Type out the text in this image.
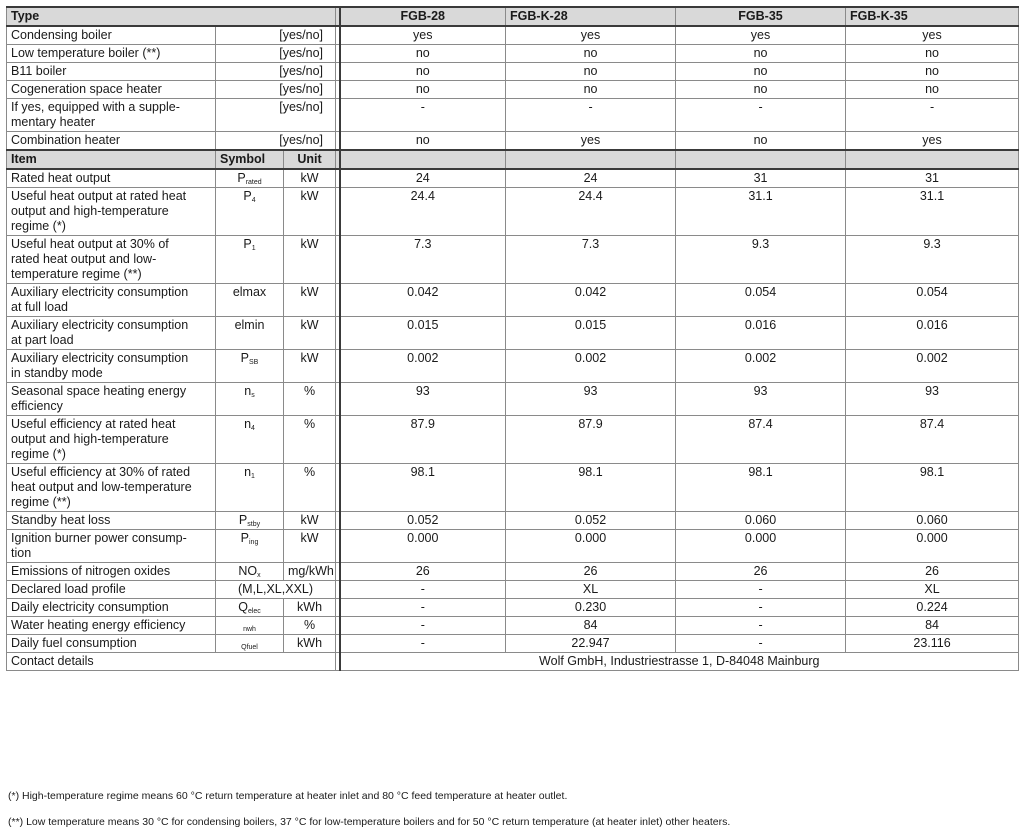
Type				FGB-28	FGB-K-28	FGB-35	FGB-K-35
Condensing boiler	[yes/no]			yes	yes	yes	yes
Low temperature boiler (**)	[yes/no]			no	no	no	no
B11 boiler	[yes/no]			no	no	no	no
Cogeneration space heater	[yes/no]			no	no	no	no
If yes, equipped with a supple-
mentary heater	[yes/no]			-	-	-	-
Combination heater	[yes/no]			no	yes	no	yes
Item	Symbol	Unit					
Rated heat output	$P_{rated}$	kW		24	24	31	31
Useful heat output at rated heat
output and high-temperature
regime (*)	$P_4$	kW		24.4	24.4	31.1	31.1
Useful heat output at 30% of
rated heat output and low-
temperature regime (**)	$P_1$	kW		7.3	7.3	9.3	9.3
Auxiliary electricity consumption
at full load	elmax	kW		0.042	0.042	0.054	0.054
Auxiliary electricity consumption
at part load	elmin	kW		0.015	0.015	0.016	0.016
Auxiliary electricity consumption
in standby mode	$P_{SB}$	kW		0.002	0.002	0.002	0.002
Seasonal space heating energy
efficiency	$n_s$	%		93	93	93	93
Useful efficiency at rated heat
output and high-temperature
regime (*)	$n_4$	%		87.9	87.9	87.4	87.4
Useful efficiency at 30% of rated
heat output and low-temperature
regime (**)	$n_1$	%		98.1	98.1	98.1	98.1
Standby heat loss	$P_{stby}$	kW		0.052	0.052	0.060	0.060
Ignition burner power consump-
tion	$P_{ing}$	kW		0.000	0.000	0.000	0.000
Emissions of nitrogen oxides	$NO_x$	mg/kWh		26	26	26	26
Declared load profile	(M,L,XL,XXL)			-	XL	-	XL
Daily electricity consumption	$Q_{elec}$	kWh		-	0.230	-	0.224
Water heating energy efficiency	$_{nwh}$	%		-	84	-	84
Daily fuel consumption	$_{Qfuel}$	kWh		-	22.947	-	23.116
Contact details				Wolf GmbH, Industriestrasse 1, D-84048 Mainburg			
(*) High-temperature regime means 60 °C return temperature at heater inlet and 80 °C feed temperature at heater outlet.
(**) Low temperature means 30 °C for condensing boilers, 37 °C for low-temperature boilers and for 50 °C return temperature (at heater inlet) other heaters.
